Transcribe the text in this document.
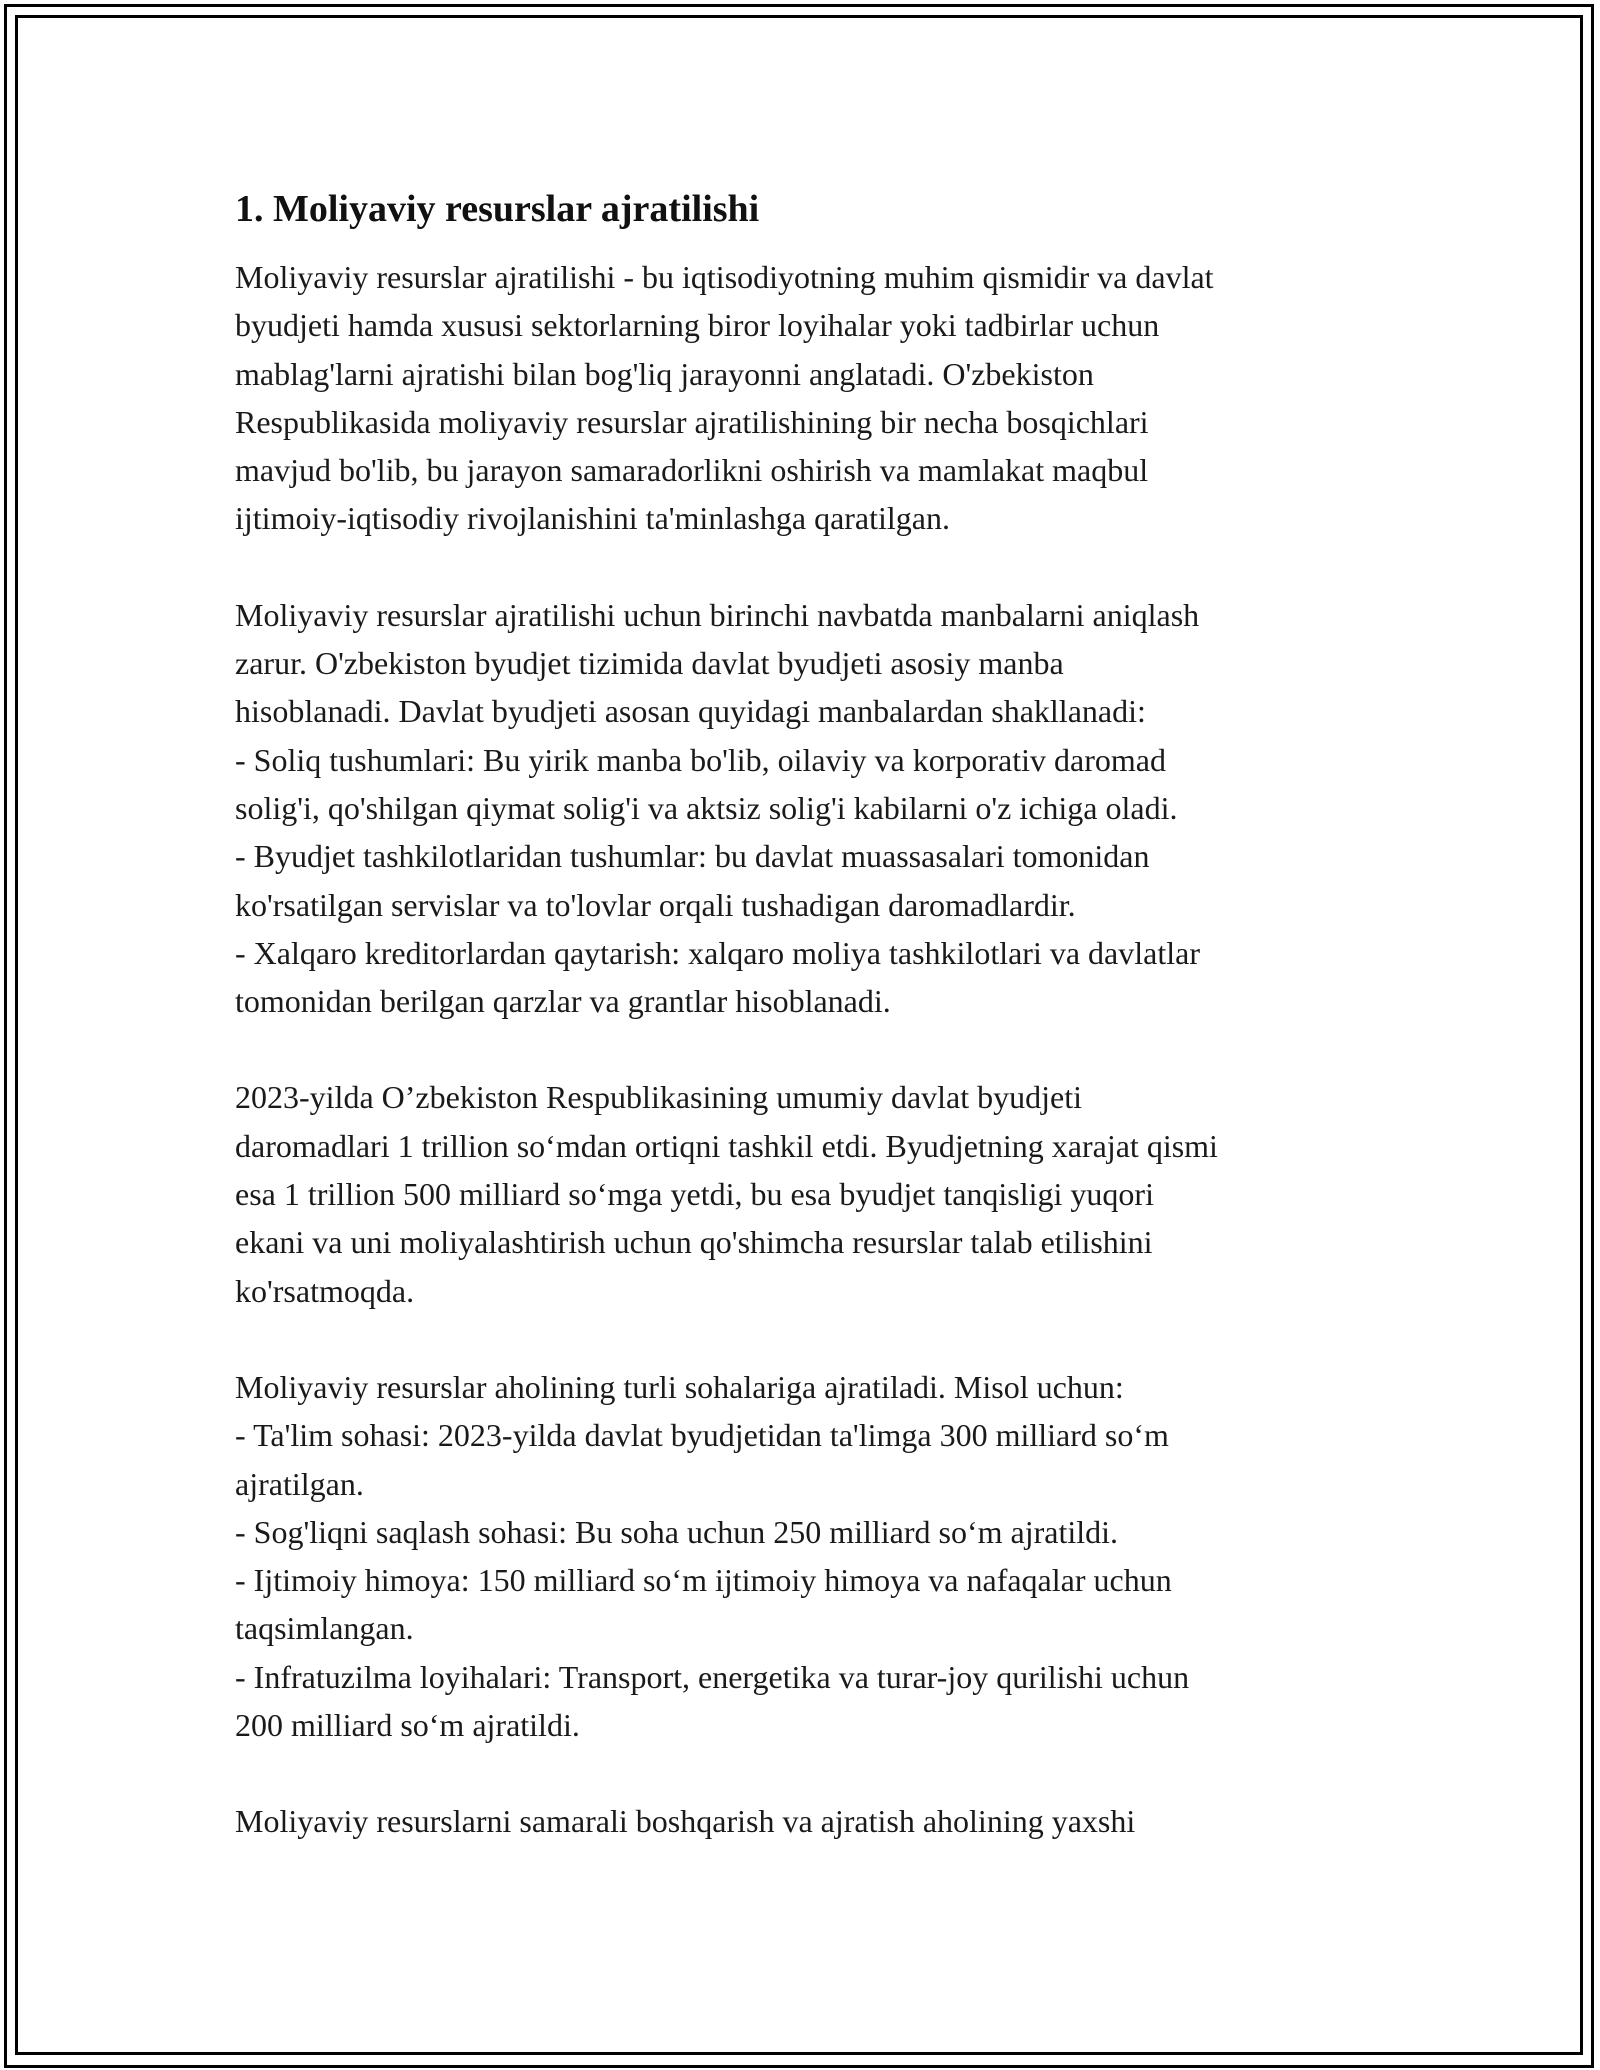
1. Moliyaviy resurslar ajratilishi

Moliyaviy resurslar ajratilishi - bu iqtisodiyotning muhim qismidir va davlat
byudjeti hamda xususi sektorlarning biror loyihalar yoki tadbirlar uchun
mablag'larni ajratishi bilan bog'liq jarayonni anglatadi. O'zbekiston
Respublikasida moliyaviy resurslar ajratilishining bir necha bosqichlari
mavjud bo'lib, bu jarayon samaradorlikni oshirish va mamlakat maqbul
ijtimoiy-iqtisodiy rivojlanishini ta'minlashga qaratilgan.

Moliyaviy resurslar ajratilishi uchun birinchi navbatda manbalarni aniqlash
zarur. O'zbekiston byudjet tizimida davlat byudjeti asosiy manba
hisoblanadi. Davlat byudjeti asosan quyidagi manbalardan shakllanadi:
- Soliq tushumlari: Bu yirik manba bo'lib, oilaviy va korporativ daromad
solig'i, qo'shilgan qiymat solig'i va aktsiz solig'i kabilarni o'z ichiga oladi.
- Byudjet tashkilotlaridan tushumlar: bu davlat muassasalari tomonidan
ko'rsatilgan servislar va to'lovlar orqali tushadigan daromadlardir.
- Xalqaro kreditorlardan qaytarish: xalqaro moliya tashkilotlari va davlatlar
tomonidan berilgan qarzlar va grantlar hisoblanadi.

2023-yilda O’zbekiston Respublikasining umumiy davlat byudjeti
daromadlari 1 trillion so‘mdan ortiqni tashkil etdi. Byudjetning xarajat qismi
esa 1 trillion 500 milliard so‘mga yetdi, bu esa byudjet tanqisligi yuqori
ekani va uni moliyalashtirish uchun qo'shimcha resurslar talab etilishini
ko'rsatmoqda.

Moliyaviy resurslar aholining turli sohalariga ajratiladi. Misol uchun:
- Ta'lim sohasi: 2023-yilda davlat byudjetidan ta'limga 300 milliard so‘m
ajratilgan.
- Sog'liqni saqlash sohasi: Bu soha uchun 250 milliard so‘m ajratildi.
- Ijtimoiy himoya: 150 milliard so‘m ijtimoiy himoya va nafaqalar uchun
taqsimlangan.
- Infratuzilma loyihalari: Transport, energetika va turar-joy qurilishi uchun
200 milliard so‘m ajratildi.

Moliyaviy resurslarni samarali boshqarish va ajratish aholining yaxshi
